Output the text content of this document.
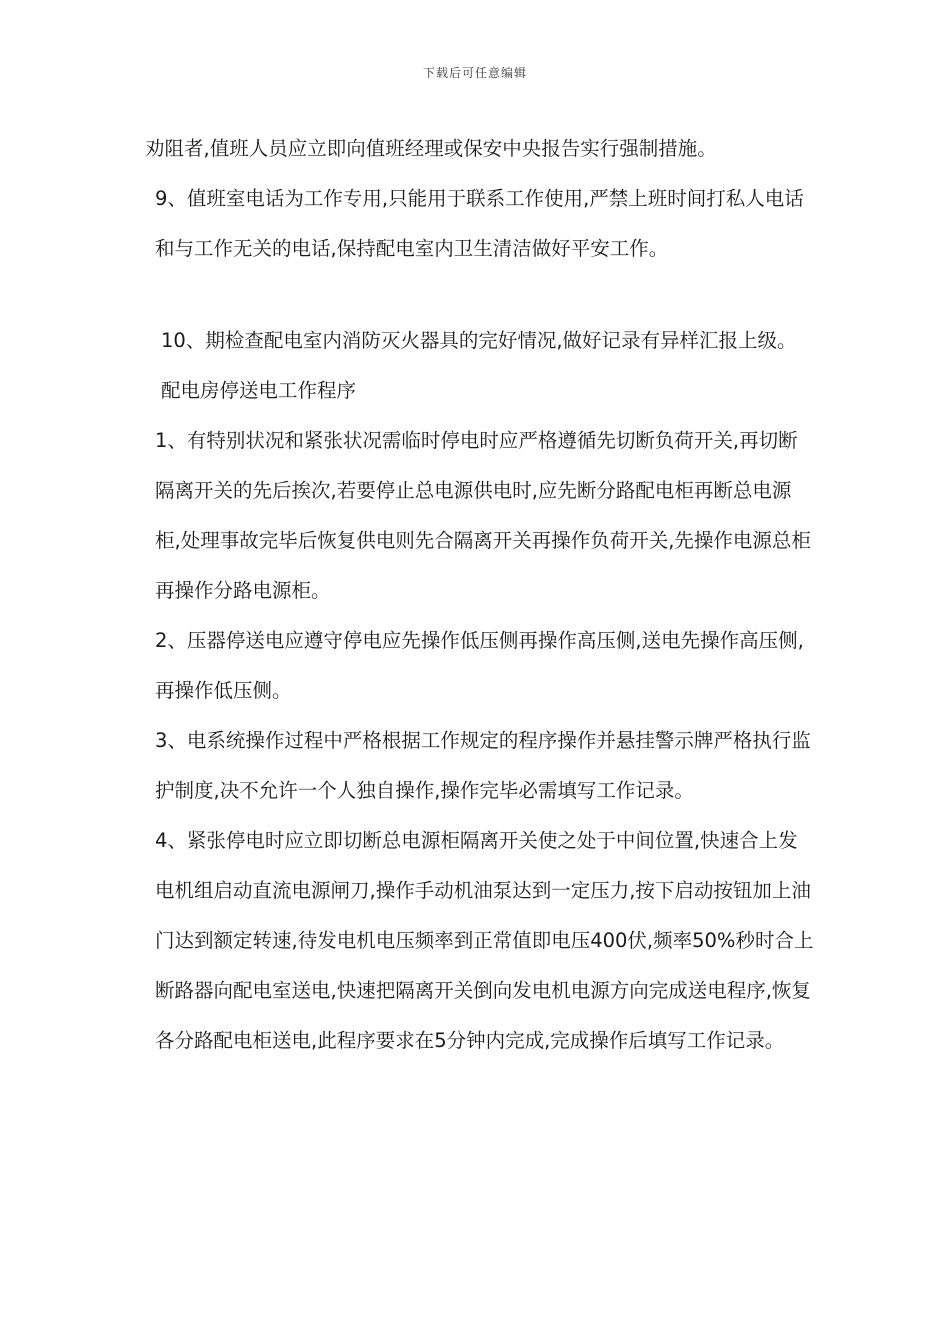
下载后可任意编辑

劝阻者,值班人员应立即向值班经理或保安中央报告实行强制措施。

9、值班室电话为工作专用,只能用于联系工作使用,严禁上班时间打私人电话和与工作无关的电话,保持配电室内卫生清洁做好平安工作。

10、期检查配电室内消防灭火器具的完好情况,做好记录有异样汇报上级。

配电房停送电工作程序

1、有特别状况和紧张状况需临时停电时应严格遵循先切断负荷开关,再切断隔离开关的先后挨次,若要停止总电源供电时,应先断分路配电柜再断总电源柜,处理事故完毕后恢复供电则先合隔离开关再操作负荷开关,先操作电源总柜再操作分路电源柜。

2、压器停送电应遵守停电应先操作低压侧再操作高压侧,送电先操作高压侧,再操作低压侧。

3、电系统操作过程中严格根据工作规定的程序操作并悬挂警示牌严格执行监护制度,决不允许一个人独自操作,操作完毕必需填写工作记录。

4、紧张停电时应立即切断总电源柜隔离开关使之处于中间位置,快速合上发电机组启动直流电源闸刀,操作手动机油泵达到一定压力,按下启动按钮加上油门达到额定转速,待发电机电压频率到正常值即电压400伏,频率50%秒时合上断路器向配电室送电,快速把隔离开关倒向发电机电源方向完成送电程序,恢复各分路配电柜送电,此程序要求在5分钟内完成,完成操作后填写工作记录。
